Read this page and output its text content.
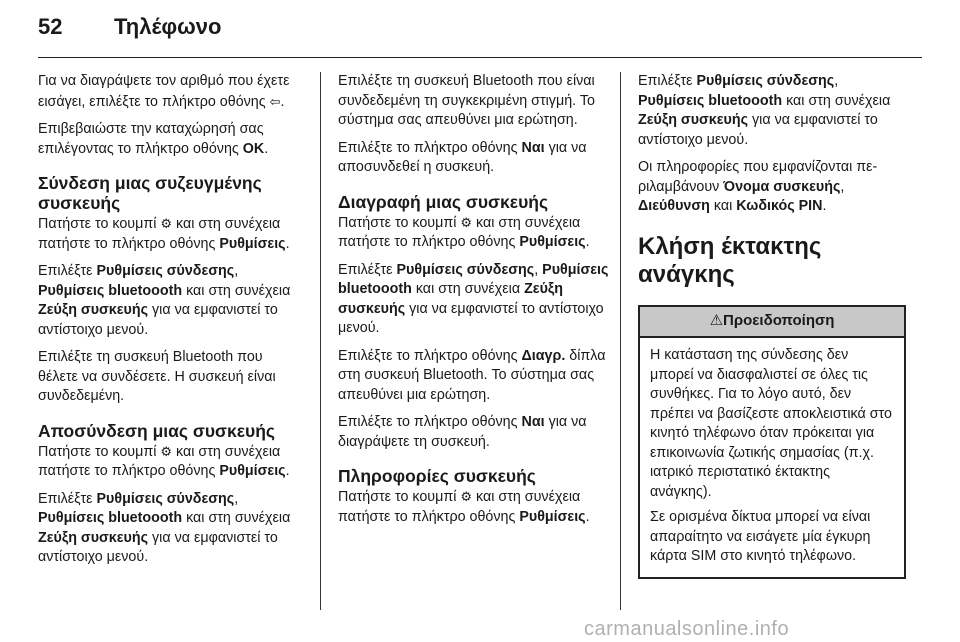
52	Τηλέφωνο

Για να διαγράψετε τον αριθμό που έχετε εισάγει, επιλέξτε το πλήκτρο οθόνης ⇦.

Επιβεβαιώστε την καταχώρησή σας επιλέγοντας το πλήκτρο οθόνης OK.

Σύνδεση μιας συζευγμένης συσκευής

Πατήστε το κουμπί ⚙ και στη συνέχεια πατήστε το πλήκτρο οθόνης Ρυθμίσεις.

Επιλέξτε Ρυθμίσεις σύνδεσης, Ρυθμίσεις bluetoooth και στη συνέχεια Ζεύξη συσκευής για να εμφανιστεί το αντίστοιχο μενού.

Επιλέξτε τη συσκευή Bluetooth που θέλετε να συνδέσετε. Η συσκευή είναι συνδεδεμένη.

Αποσύνδεση μιας συσκευής

Πατήστε το κουμπί ⚙ και στη συνέχεια πατήστε το πλήκτρο οθόνης Ρυθμίσεις.

Επιλέξτε Ρυθμίσεις σύνδεσης, Ρυθμίσεις bluetoooth και στη συνέχεια Ζεύξη συσκευής για να εμφανιστεί το αντίστοιχο μενού.

Επιλέξτε τη συσκευή Bluetooth που είναι συνδεδεμένη τη συγκεκριμένη στιγμή. Το σύστημα σας απευθύνει μια ερώτηση.

Επιλέξτε το πλήκτρο οθόνης Ναι για να αποσυνδεθεί η συσκευή.

Διαγραφή μιας συσκευής

Πατήστε το κουμπί ⚙ και στη συνέχεια πατήστε το πλήκτρο οθόνης Ρυθμίσεις.

Επιλέξτε Ρυθμίσεις σύνδεσης, Ρυθμίσεις bluetoooth και στη συνέχεια Ζεύξη συσκευής για να εμφανιστεί το αντίστοιχο μενού.

Επιλέξτε το πλήκτρο οθόνης Διαγρ. δίπλα στη συσκευή Bluetooth. Το σύστημα σας απευθύνει μια ερώτηση.

Επιλέξτε το πλήκτρο οθόνης Ναι για να διαγράψετε τη συσκευή.

Πληροφορίες συσκευής

Πατήστε το κουμπί ⚙ και στη συνέχεια πατήστε το πλήκτρο οθόνης Ρυθμίσεις.

Επιλέξτε Ρυθμίσεις σύνδεσης, Ρυθμίσεις bluetoooth και στη συνέχεια Ζεύξη συσκευής για να εμφανιστεί το αντίστοιχο μενού.

Οι πληροφορίες που εμφανίζονται περιλαμβάνουν Όνομα συσκευής, Διεύθυνση και Κωδικός PIN.

Κλήση έκτακτης ανάγκης
⚠Προειδοποίηση

Η κατάσταση της σύνδεσης δεν μπορεί να διασφαλιστεί σε όλες τις συνθήκες. Για το λόγο αυτό, δεν πρέπει να βασίζεστε αποκλειστικά στο κινητό τηλέφωνο όταν πρόκειται για επικοινωνία ζωτικής σημασίας (π.χ. ιατρικό περιστατικό έκτακτης ανάγκης).

Σε ορισμένα δίκτυα μπορεί να είναι απαραίτητο να εισάγετε μία έγκυρη κάρτα SIM στο κινητό τηλέφωνο.

carmanualsonline.info
